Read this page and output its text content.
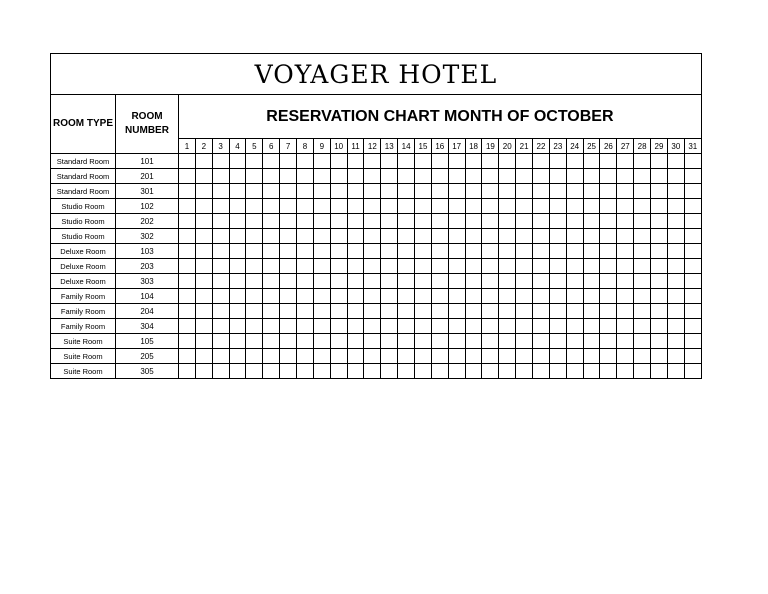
VOYAGER HOTEL																																
ROOM TYPE	ROOM NUMBER	RESERVATION CHART MONTH OF OCTOBER																														
		1	2	3	4	5	6	7	8	9	10	11	12	13	14	15	16	17	18	19	20	21	22	23	24	25	26	27	28	29	30	31
Standard Room	101																															
Standard Room	201																															
Standard Room	301																															
Studio Room	102																															
Studio Room	202																															
Studio Room	302																															
Deluxe Room	103																															
Deluxe Room	203																															
Deluxe Room	303																															
Family Room	104																															
Family Room	204																															
Family Room	304																															
Suite Room	105																															
Suite Room	205																															
Suite Room	305																															
